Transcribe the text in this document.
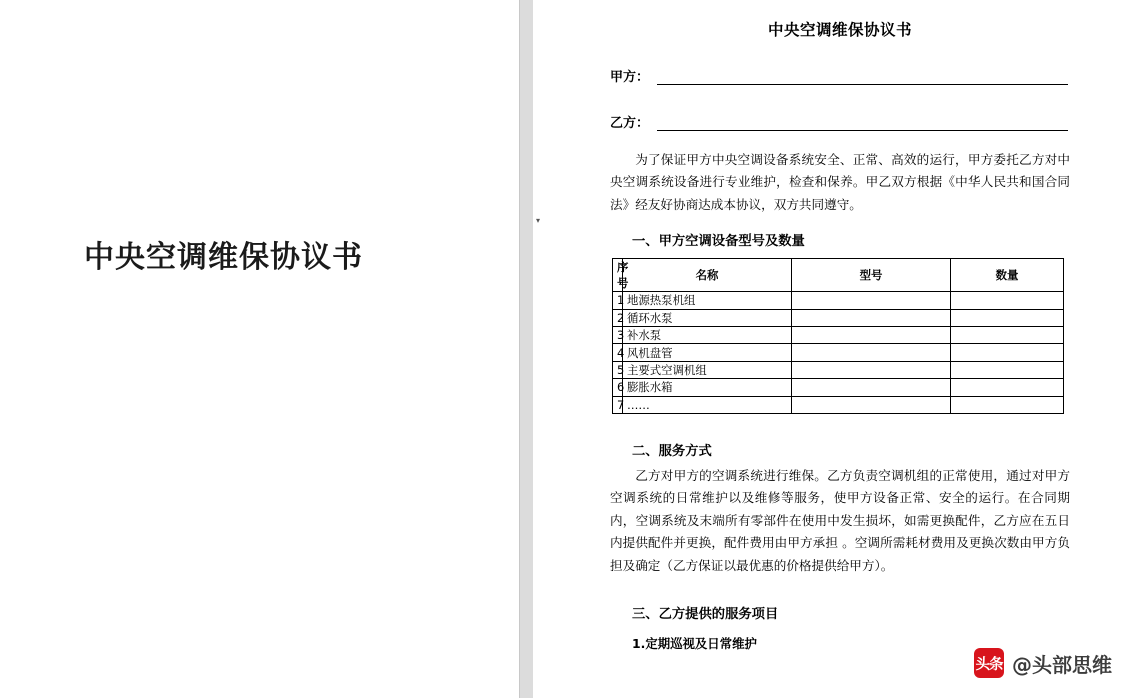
中央空调维保协议书
中央空调维保协议书
甲方：
乙方：

为了保证甲方中央空调设备系统安全、正常、高效的运行，甲方委托乙方对中央空调系统设备进行专业维护，检查和保养。甲乙双方根据《中华人民共和国合同法》经友好协商达成本协议，双方共同遵守。

一、甲方空调设备型号及数量
序号	名称	型号	数量
1	地源热泵机组		
2	循环水泵		
3	补水泵		
4	风机盘管		
5	主要式空调机组		
6	膨胀水箱		
7	……		
二、服务方式

乙方对甲方的空调系统进行维保。乙方负责空调机组的正常使用，通过对甲方空调系统的日常维护以及维修等服务，使甲方设备正常、安全的运行。在合同期内，空调系统及末端所有零部件在使用中发生损坏，如需更换配件，乙方应在五日内提供配件并更换，配件费用由甲方承担 。空调所需耗材费用及更换次数由甲方负担及确定（乙方保证以最优惠的价格提供给甲方）。

三、乙方提供的服务项目
1.定期巡视及日常维护
▾
头条 @头部思维
